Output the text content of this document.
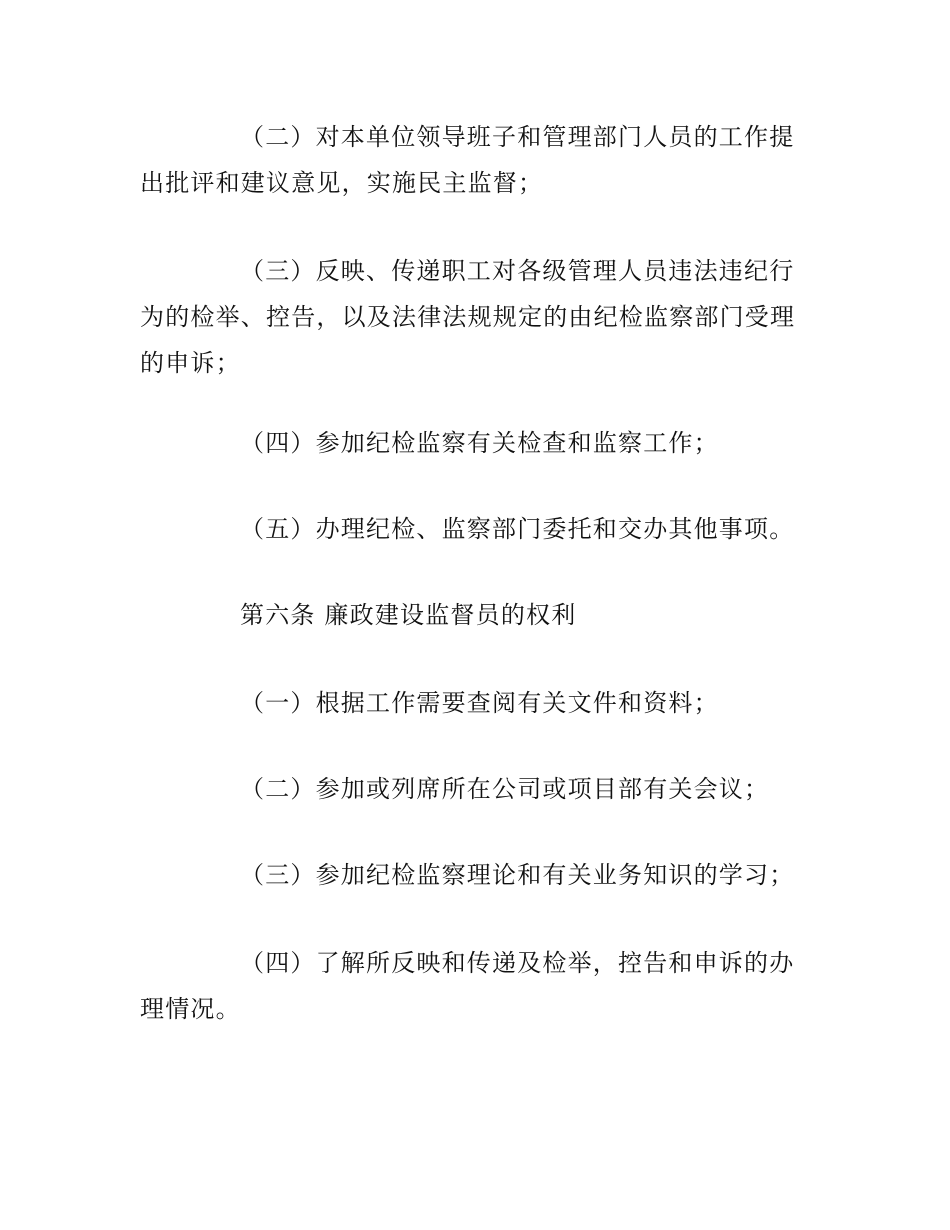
（二）对本单位领导班子和管理部门人员的工作提出批评和建议意见，实施民主监督；

（三）反映、传递职工对各级管理人员违法违纪行为的检举、控告，以及法律法规规定的由纪检监察部门受理的申诉；

（四）参加纪检监察有关检查和监察工作；

（五）办理纪检、监察部门委托和交办其他事项。

第六条 廉政建设监督员的权利

（一）根据工作需要查阅有关文件和资料；

（二）参加或列席所在公司或项目部有关会议；

（三）参加纪检监察理论和有关业务知识的学习；

（四）了解所反映和传递及检举，控告和申诉的办理情况。
